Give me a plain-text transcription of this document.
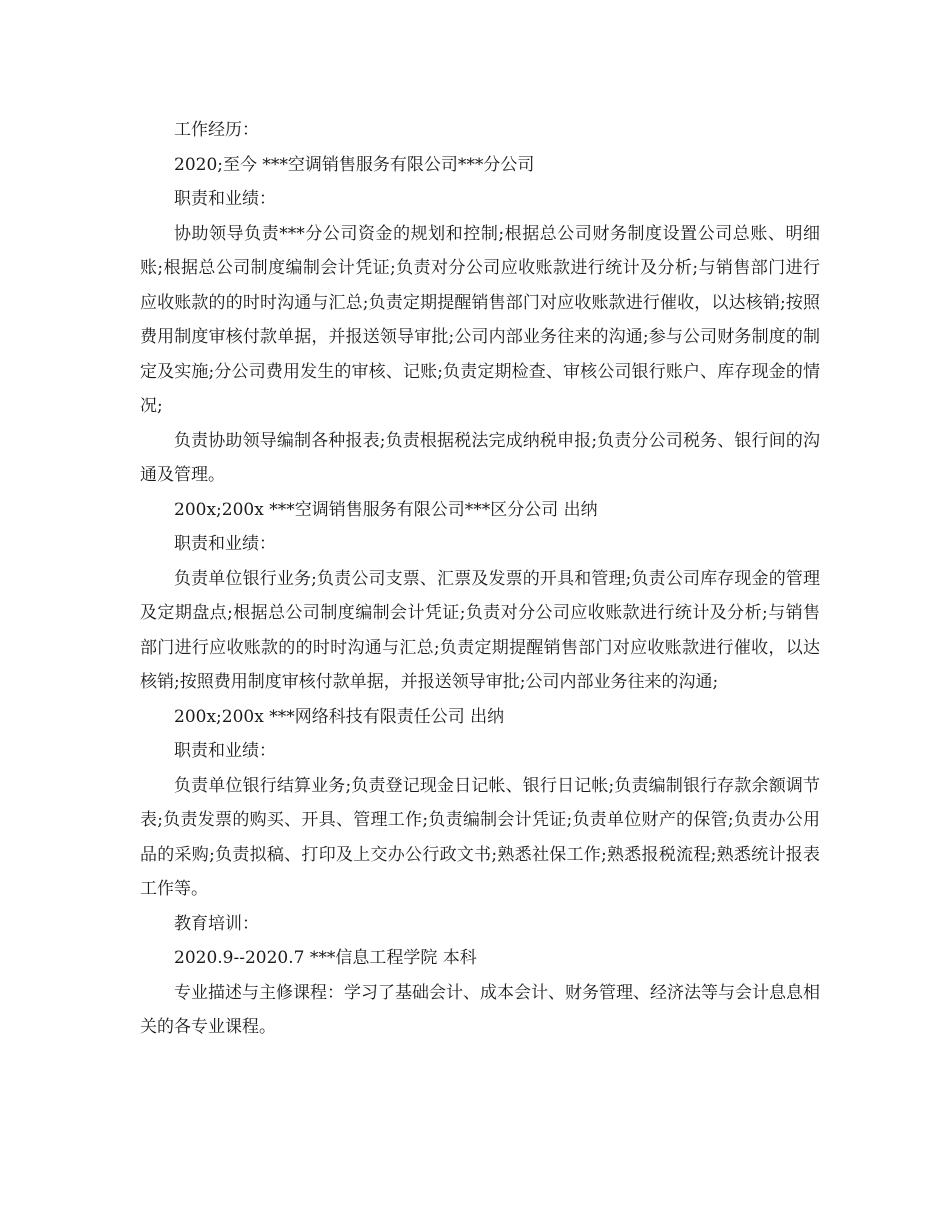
工作经历：

2020;至今 ***空调销售服务有限公司***分公司

职责和业绩：

协助领导负责***分公司资金的规划和控制;根据总公司财务制度设置公司总账、明细账;根据总公司制度编制会计凭证;负责对分公司应收账款进行统计及分析;与销售部门进行应收账款的的时时沟通与汇总;负责定期提醒销售部门对应收账款进行催收，以达核销;按照费用制度审核付款单据，并报送领导审批;公司内部业务往来的沟通;参与公司财务制度的制定及实施;分公司费用发生的审核、记账;负责定期检查、审核公司银行账户、库存现金的情况;

负责协助领导编制各种报表;负责根据税法完成纳税申报;负责分公司税务、银行间的沟通及管理。

200x;200x ***空调销售服务有限公司***区分公司 出纳

职责和业绩：

负责单位银行业务;负责公司支票、汇票及发票的开具和管理;负责公司库存现金的管理及定期盘点;根据总公司制度编制会计凭证;负责对分公司应收账款进行统计及分析;与销售部门进行应收账款的的时时沟通与汇总;负责定期提醒销售部门对应收账款进行催收，以达核销;按照费用制度审核付款单据，并报送领导审批;公司内部业务往来的沟通;

200x;200x ***网络科技有限责任公司 出纳

职责和业绩：

负责单位银行结算业务;负责登记现金日记帐、银行日记帐;负责编制银行存款余额调节表;负责发票的购买、开具、管理工作;负责编制会计凭证;负责单位财产的保管;负责办公用品的采购;负责拟稿、打印及上交办公行政文书;熟悉社保工作;熟悉报税流程;熟悉统计报表工作等。

教育培训：

2020.9--2020.7 ***信息工程学院 本科

专业描述与主修课程：学习了基础会计、成本会计、财务管理、经济法等与会计息息相关的各专业课程。
